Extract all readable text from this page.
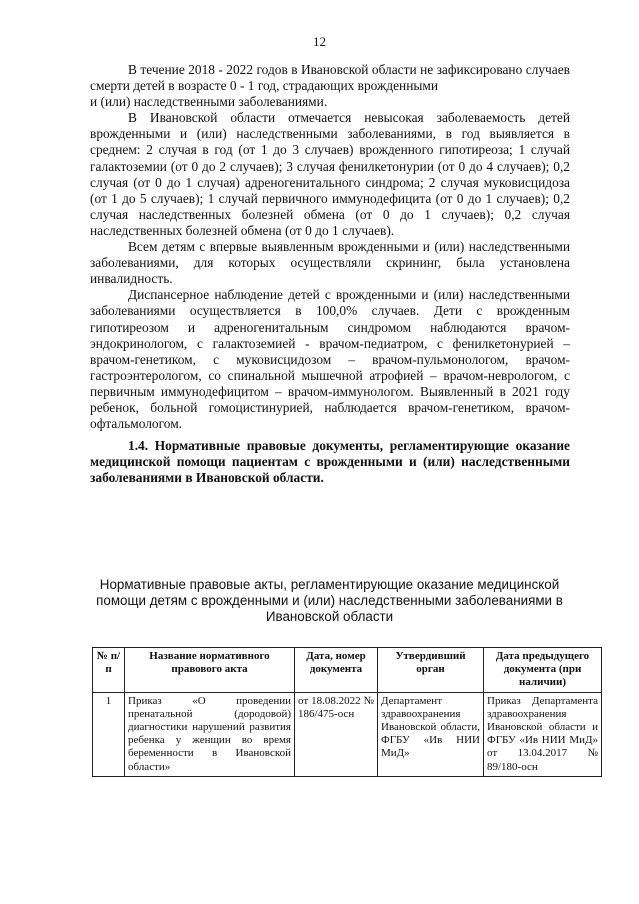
12

В течение 2018 - 2022 годов в Ивановской области не зафиксировано случаев смерти детей в возрасте 0 - 1 год, страдающих врожденными

и (или) наследственными заболеваниями.

В Ивановской области отмечается невысокая заболеваемость детей врожденными и (или) наследственными заболеваниями, в год выявляется в среднем: 2 случая в год (от 1 до 3 случаев) врожденного гипотиреоза; 1 случай галактоземии (от 0 до 2 случаев); 3 случая фенилкетонурии (от 0 до 4 случаев); 0,2 случая (от 0 до 1 случая) адреногенитального синдрома; 2 случая муковисцидоза (от 1 до 5 случаев); 1 случай первичного иммунодефицита (от 0 до 1 случаев); 0,2 случая наследственных болезней обмена (от 0 до 1 случаев); 0,2 случая наследственных болезней обмена (от 0 до 1 случаев).

Всем детям с впервые выявленным врожденными и (или) наследственными заболеваниями, для которых осуществляли скрининг, была установлена инвалидность.

Диспансерное наблюдение детей с врожденными и (или) наследственными заболеваниями осуществляется в 100,0% случаев. Дети с врожденным гипотиреозом и адреногенитальным синдромом наблюдаются врачом-эндокринологом, с галактоземией - врачом-педиатром, с фенилкетонурией – врачом-генетиком, с муковисцидозом – врачом-пульмонологом, врачом-гастроэнтерологом, со спинальной мышечной атрофией – врачом-неврологом, с первичным иммунодефицитом – врачом-иммунологом. Выявленный в 2021 году ребенок, больной гомоцистинурией, наблюдается врачом-генетиком, врачом-офтальмологом.

1.4. Нормативные правовые документы, регламентирующие оказание медицинской помощи пациентам с врожденными и (или) наследственными заболеваниями в Ивановской области.

Нормативные правовые акты, регламентирующие оказание медицинской помощи детям с врожденными и (или) наследственными заболеваниями в Ивановской области
№ п/п	Название нормативного правового акта	Дата, номер документа	Утвердивший орган	Дата предыдущего документа (при наличии)
1	Приказ «О проведении пренатальной (дородовой) диагностики нарушений развития ребенка у женщин во время беременности в Ивановской области»	от 18.08.2022 № 186/475-осн	Департамент здравоохранения Ивановской области, ФГБУ «Ив НИИ МиД»	Приказ Департамента здравоохранения Ивановской области и ФГБУ «Ив НИИ МиД» от 13.04.2017 № 89/180-осн
